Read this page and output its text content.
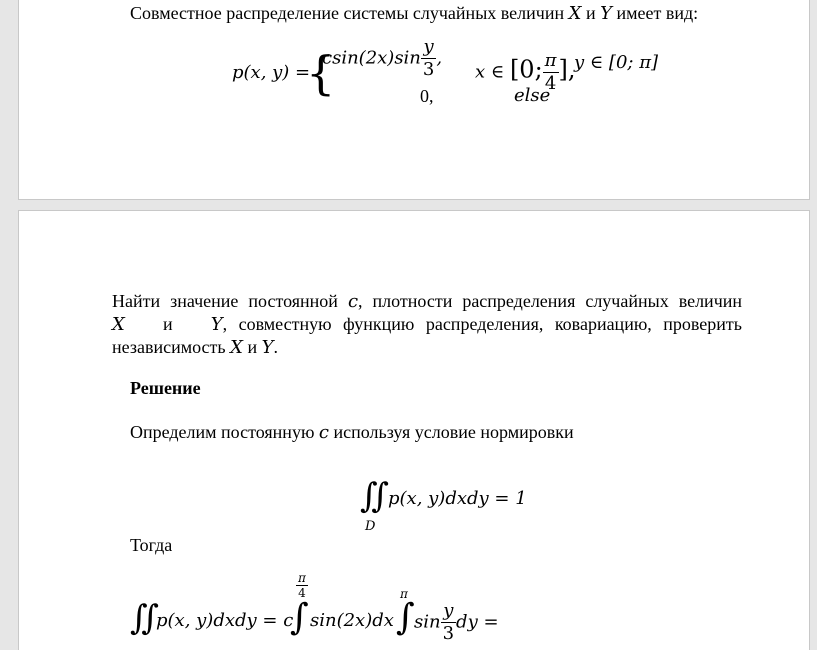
Совместное распределение системы случайных величин X и Y имеет вид:
p(x, y) =
{
$csin(2x)\sin \frac{y}{3}$ ,
x ∈ [0; $\frac{\pi}{4}$ ],
y ∈ [0; π]
0,	else
Найти значение постоянной c, плотности распределения случайных величин
X и Y, совместную функцию распределения, ковариацию, проверить
независимость X и Y.
Решение
Определим постоянную c используя условие нормировки
∬
D
p(x, y)dxdy = 1
Тогда
∬
p(x, y)dxdy = c
$\frac{\pi}{4}$
∫ sin(2x)dx
π
∫ $\sin \frac{y}{3}$ dy =
